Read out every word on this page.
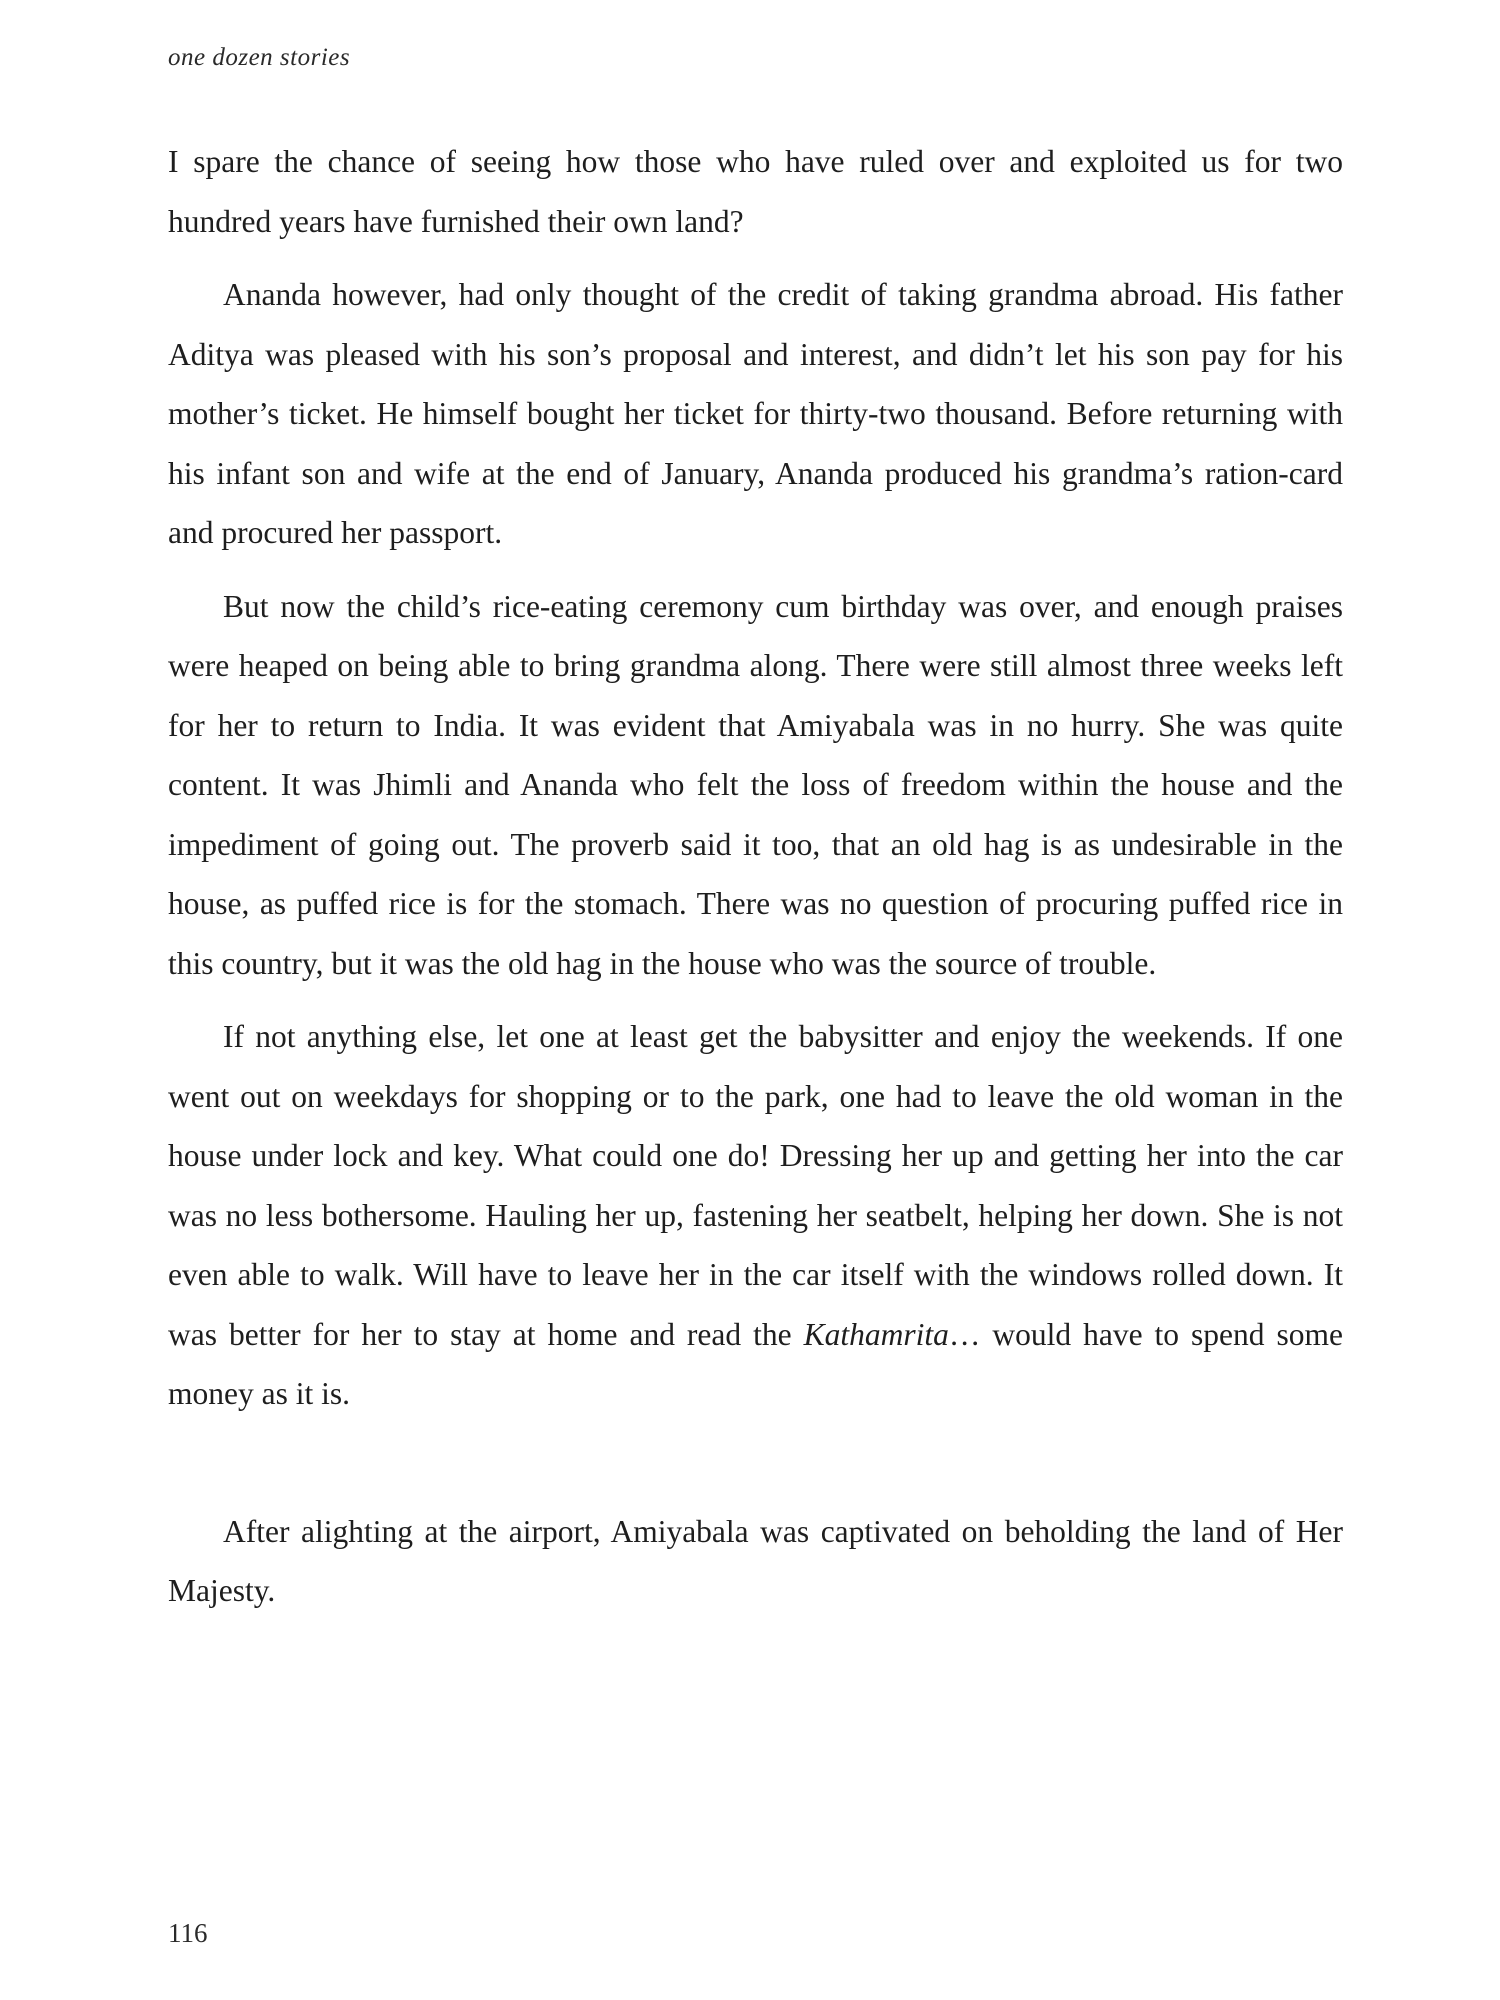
one dozen stories

I spare the chance of seeing how those who have ruled over and exploited us for two hundred years have furnished their own land?

Ananda however, had only thought of the credit of taking grandma abroad. His father Aditya was pleased with his son’s proposal and interest, and didn’t let his son pay for his mother’s ticket. He himself bought her ticket for thirty-two thousand. Before returning with his infant son and wife at the end of January, Ananda produced his grandma’s ration-card and procured her passport.

But now the child’s rice-eating ceremony cum birthday was over, and enough praises were heaped on being able to bring grandma along. There were still almost three weeks left for her to return to India. It was evident that Amiyabala was in no hurry. She was quite content. It was Jhimli and Ananda who felt the loss of freedom within the house and the impediment of going out. The proverb said it too, that an old hag is as undesirable in the house, as puffed rice is for the stomach. There was no question of procuring puffed rice in this country, but it was the old hag in the house who was the source of trouble.

If not anything else, let one at least get the babysitter and enjoy the weekends. If one went out on weekdays for shopping or to the park, one had to leave the old woman in the house under lock and key. What could one do! Dressing her up and getting her into the car was no less bothersome. Hauling her up, fastening her seatbelt, helping her down. She is not even able to walk. Will have to leave her in the car itself with the windows rolled down. It was better for her to stay at home and read the Kathamrita… would have to spend some money as it is.

After alighting at the airport, Amiyabala was captivated on beholding the land of Her Majesty.

116
